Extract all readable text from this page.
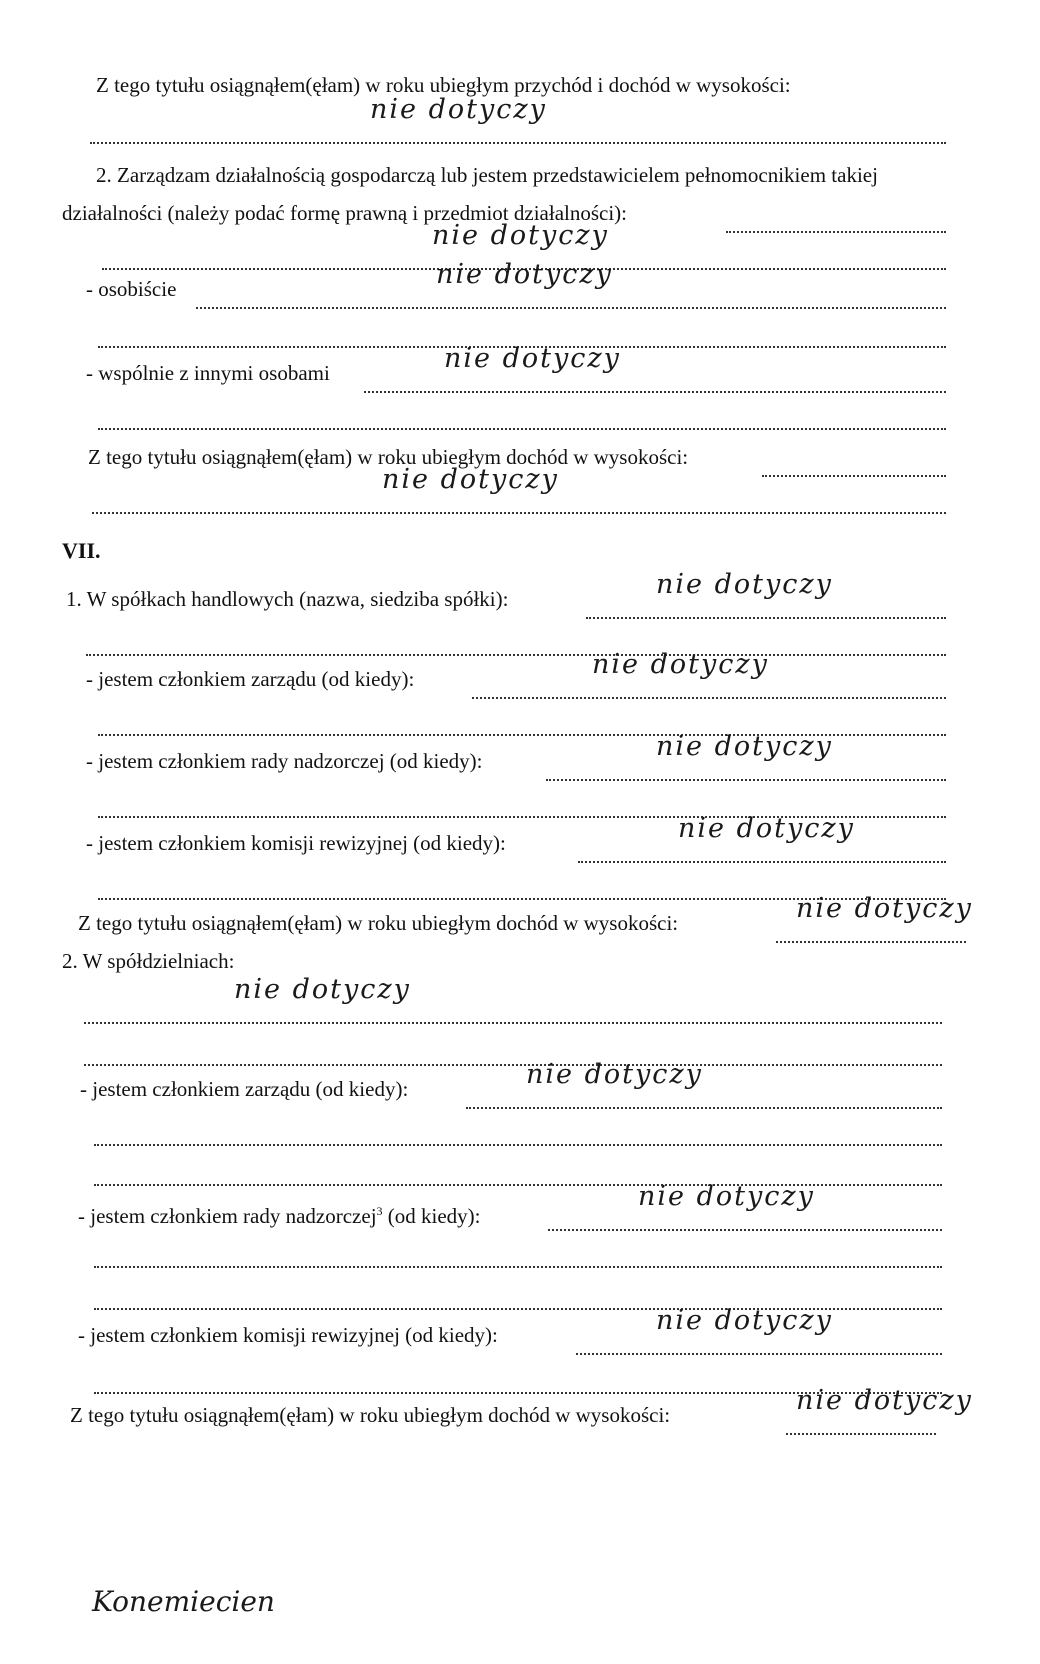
Z tego tytułu osiągnąłem(ęłam) w roku ubiegłym przychód i dochód w wysokości:
nie dotyczy
2. Zarządzam działalnością gospodarczą lub jestem przedstawicielem pełnomocnikiem takiej
działalności (należy podać formę prawną i przedmiot działalności):
nie dotyczy
- osobiście	nie dotyczy
- wspólnie z innymi osobami	nie dotyczy
Z tego tytułu osiągnąłem(ęłam) w roku ubiegłym dochód w wysokości:
nie dotyczy
VII.
1. W spółkach handlowych (nazwa, siedziba spółki):	nie dotyczy
- jestem członkiem zarządu (od kiedy):	nie dotyczy
- jestem członkiem rady nadzorczej (od kiedy):	nie dotyczy
- jestem członkiem komisji rewizyjnej (od kiedy):	nie dotyczy
Z tego tytułu osiągnąłem(ęłam) w roku ubiegłym dochód w wysokości:	nie dotyczy
2. W spółdzielniach:
nie dotyczy
- jestem członkiem zarządu (od kiedy):	nie dotyczy
- jestem członkiem rady nadzorczej$^3$ (od kiedy):
nie dotyczy
- jestem członkiem komisji rewizyjnej (od kiedy):	nie dotyczy
Z tego tytułu osiągnąłem(ęłam) w roku ubiegłym dochód w wysokości:	nie dotyczy
Konemiecien
